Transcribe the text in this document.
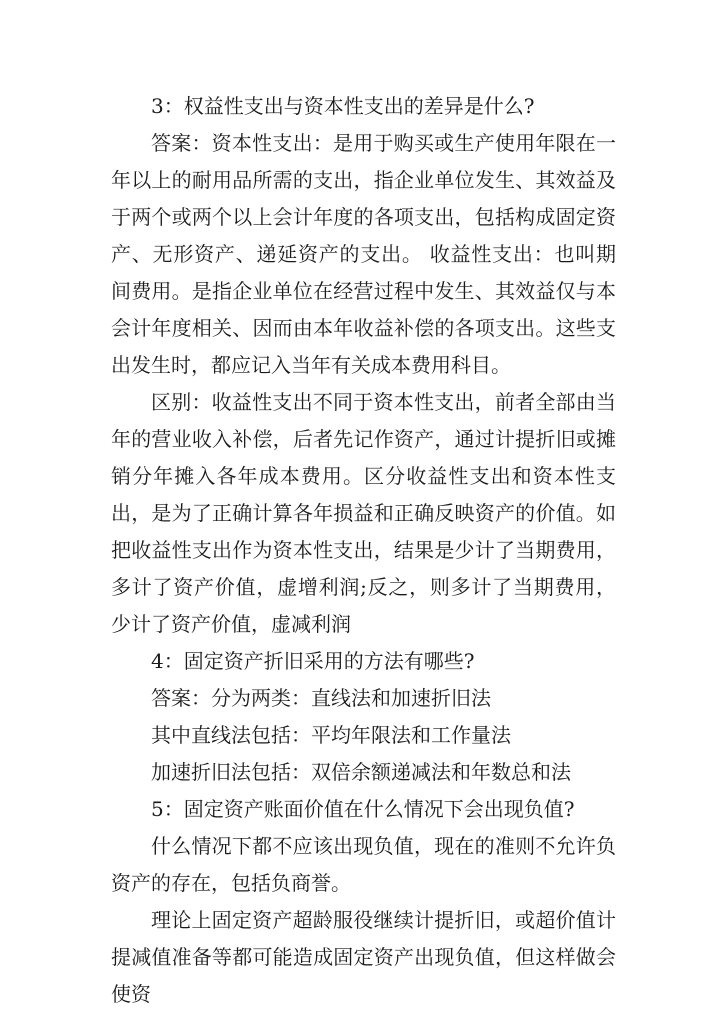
3：权益性支出与资本性支出的差异是什么?

答案：资本性支出：是用于购买或生产使用年限在一年以上的耐用品所需的支出，指企业单位发生、其效益及于两个或两个以上会计年度的各项支出，包括构成固定资产、无形资产、递延资产的支出。 收益性支出：也叫期间费用。是指企业单位在经营过程中发生、其效益仅与本会计年度相关、因而由本年收益补偿的各项支出。这些支出发生时，都应记入当年有关成本费用科目。

区别：收益性支出不同于资本性支出，前者全部由当年的营业收入补偿，后者先记作资产，通过计提折旧或摊销分年摊入各年成本费用。区分收益性支出和资本性支出，是为了正确计算各年损益和正确反映资产的价值。如把收益性支出作为资本性支出，结果是少计了当期费用，多计了资产价值，虚增利润;反之，则多计了当期费用，少计了资产价值，虚减利润

4：固定资产折旧采用的方法有哪些?

答案：分为两类：直线法和加速折旧法

其中直线法包括：平均年限法和工作量法

加速折旧法包括：双倍余额递减法和年数总和法

5：固定资产账面价值在什么情况下会出现负值?

什么情况下都不应该出现负值，现在的准则不允许负资产的存在，包括负商誉。

理论上固定资产超龄服役继续计提折旧，或超价值计提减值准备等都可能造成固定资产出现负值，但这样做会使资
